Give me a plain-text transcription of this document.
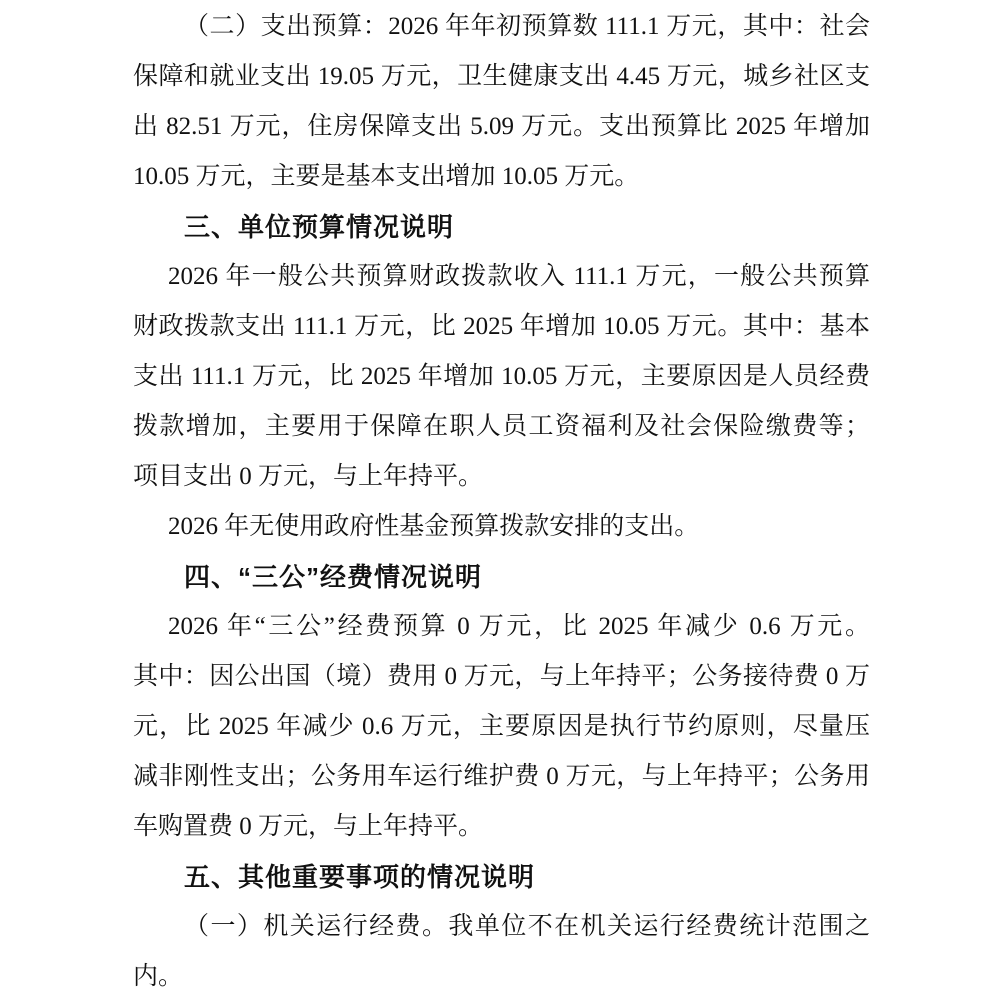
（二）支出预算：2026 年年初预算数 111.1 万元，其中：社会
保障和就业支出 19.05 万元，卫生健康支出 4.45 万元，城乡社区支
出 82.51 万元，住房保障支出 5.09 万元。支出预算比 2025 年增加
10.05 万元，主要是基本支出增加 10.05 万元。
三、单位预算情况说明
2026 年一般公共预算财政拨款收入 111.1 万元，一般公共预算
财政拨款支出 111.1 万元，比 2025 年增加 10.05 万元。其中：基本
支出 111.1 万元，比 2025 年增加 10.05 万元，主要原因是人员经费
拨款增加，主要用于保障在职人员工资福利及社会保险缴费等；
项目支出 0 万元，与上年持平。
2026 年无使用政府性基金预算拨款安排的支出。
四、“三公”经费情况说明
2026 年“三公”经费预算 0 万元，比 2025 年减少 0.6 万元。
其中：因公出国（境）费用 0 万元，与上年持平；公务接待费 0 万
元，比 2025 年减少 0.6 万元，主要原因是执行节约原则，尽量压
减非刚性支出；公务用车运行维护费 0 万元，与上年持平；公务用
车购置费 0 万元，与上年持平。
五、其他重要事项的情况说明
（一）机关运行经费。我单位不在机关运行经费统计范围之
内。
